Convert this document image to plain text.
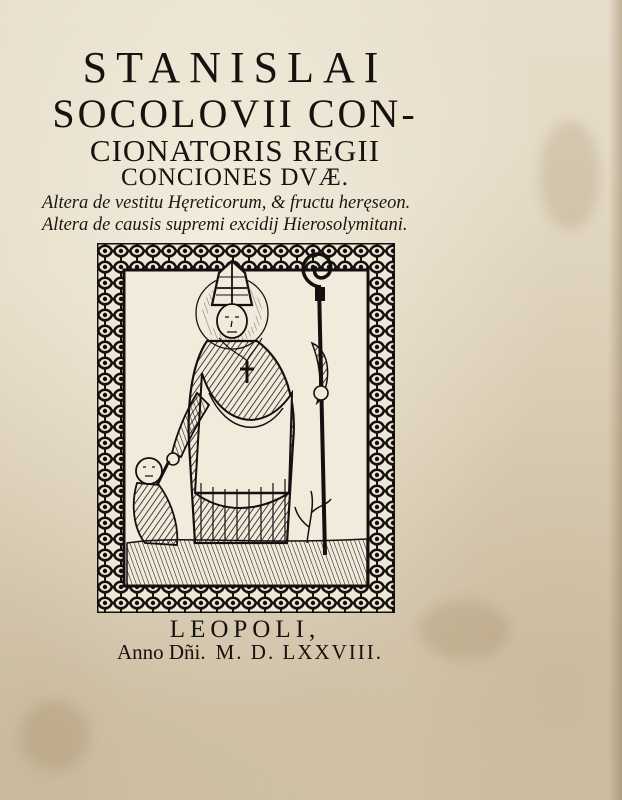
STANISLAI
SOCOLOVII CON-
CIONATORIS REGII
CONCIONES DVÆ.
Altera de vestitu Hęreticorum, & fructu heręseon.
Altera de causis supremi excidij Hierosolymitani.
LEOPOLI,
Anno Dñi. M. D. LXXVIII.
